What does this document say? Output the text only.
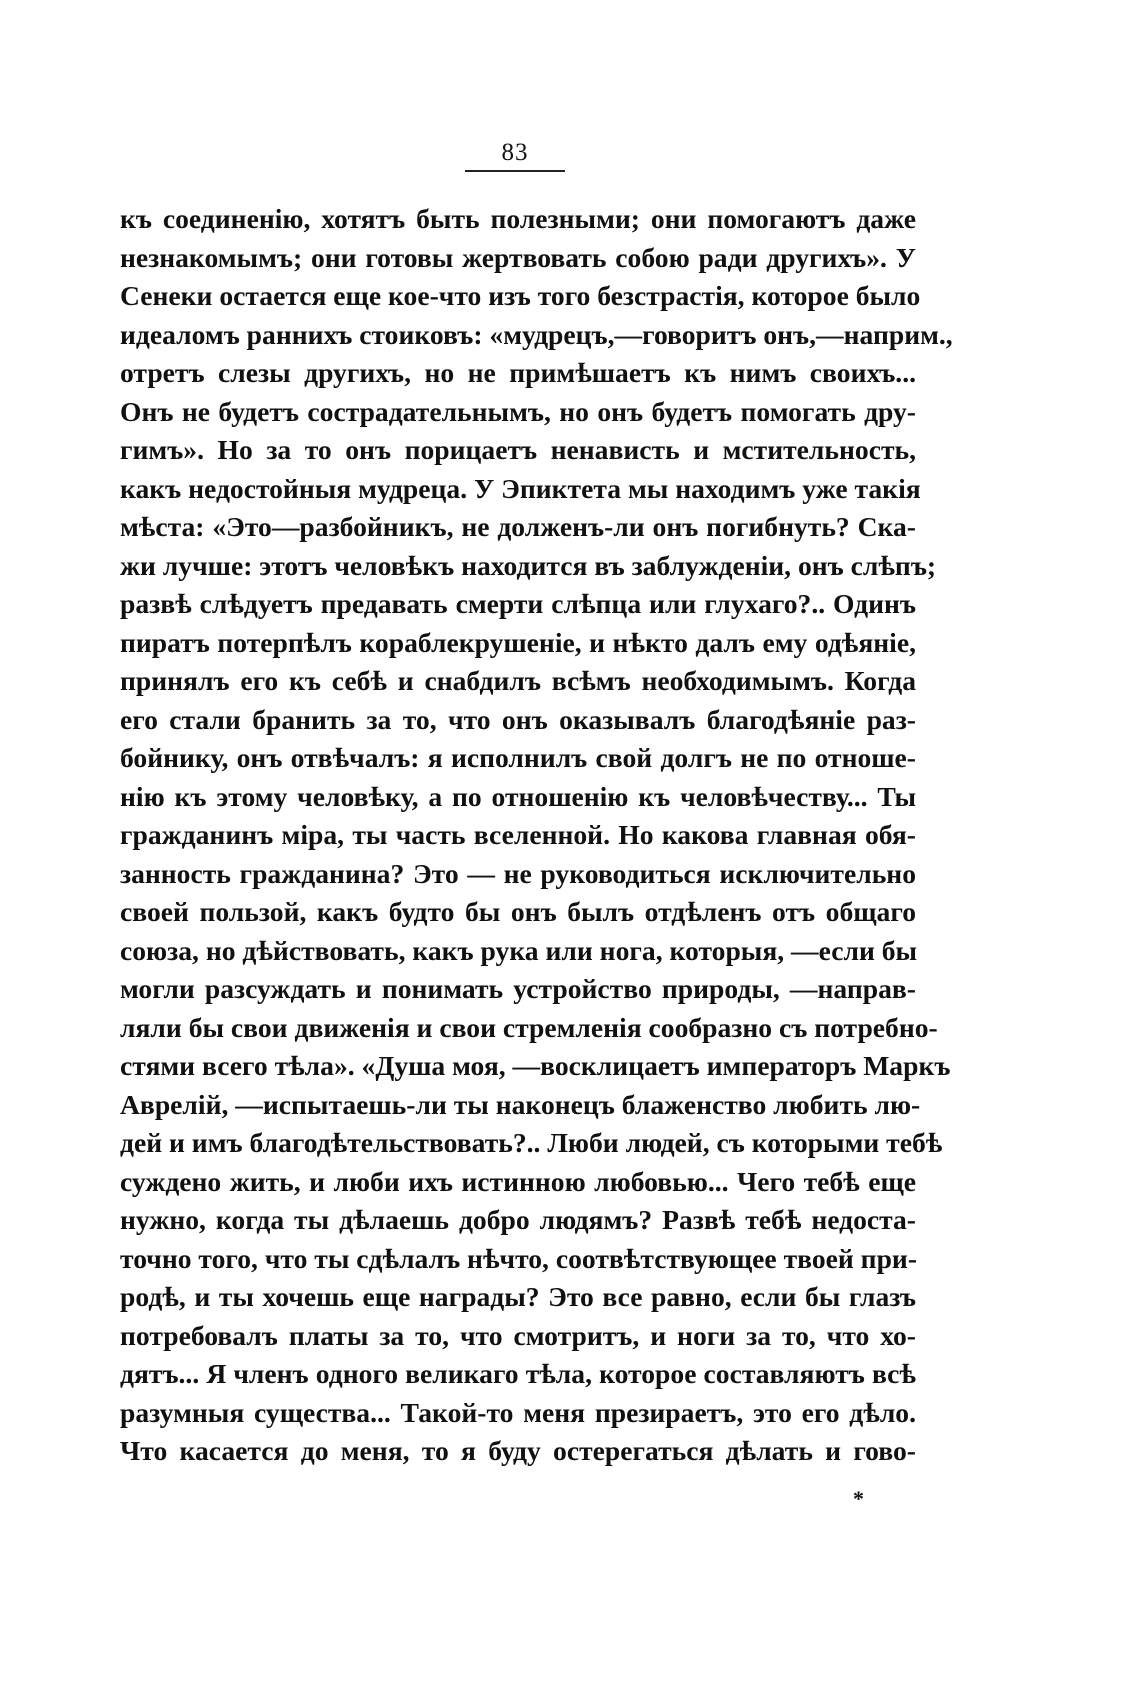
83
къ соединенію, хотятъ быть полезными; они помогаютъ даже
незнакомымъ; они готовы жертвовать собою ради другихъ». У
Сенеки остается еще кое-что изъ того безстрастія, которое было
идеаломъ раннихъ стоиковъ: «мудрецъ,—говоритъ онъ,—наприм.,
отретъ слезы другихъ, но не примѣшаетъ къ нимъ своихъ...
Онъ не будетъ сострадательнымъ, но онъ будетъ помогать дру-
гимъ». Но за то онъ порицаетъ ненависть и мстительность,
какъ недостойныя мудреца. У Эпиктета мы находимъ уже такія
мѣста: «Это—разбойникъ, не долженъ-ли онъ погибнуть? Ска-
жи лучше: этотъ человѣкъ находится въ заблужденіи, онъ слѣпъ;
развѣ слѣдуетъ предавать смерти слѣпца или глухаго?.. Одинъ
пиратъ потерпѣлъ кораблекрушеніе, и нѣкто далъ ему одѣяніе,
принялъ его къ себѣ и снабдилъ всѣмъ необходимымъ. Когда
его стали бранить за то, что онъ оказывалъ благодѣяніе раз-
бойнику, онъ отвѣчалъ: я исполнилъ свой долгъ не по отноше-
нію къ этому человѣку, а по отношенію къ человѣчеству... Ты
гражданинъ міра, ты часть вселенной. Но какова главная обя-
занность гражданина? Это — не руководиться исключительно
своей пользой, какъ будто бы онъ былъ отдѣленъ отъ общаго
союза, но дѣйствовать, какъ рука или нога, которыя, —если бы
могли разсуждать и понимать устройство природы, —направ-
ляли бы свои движенія и свои стремленія сообразно съ потребно-
стями всего тѣла». «Душа моя, —восклицаетъ императоръ Маркъ
Аврелій, —испытаешь-ли ты наконецъ блаженство любить лю-
дей и имъ благодѣтельствовать?.. Люби людей, съ которыми тебѣ
суждено жить, и люби ихъ истинною любовью... Чего тебѣ еще
нужно, когда ты дѣлаешь добро людямъ? Развѣ тебѣ недоста-
точно того, что ты сдѣлалъ нѣчто, соотвѣтствующее твоей при-
родѣ, и ты хочешь еще награды? Это все равно, если бы глазъ
потребовалъ платы за то, что смотритъ, и ноги за то, что хо-
дятъ... Я членъ одного великаго тѣла, которое составляютъ всѣ
разумныя существа... Такой-то меня презираетъ, это его дѣло.
Что касается до меня, то я буду остерегаться дѣлать и гово-
*
